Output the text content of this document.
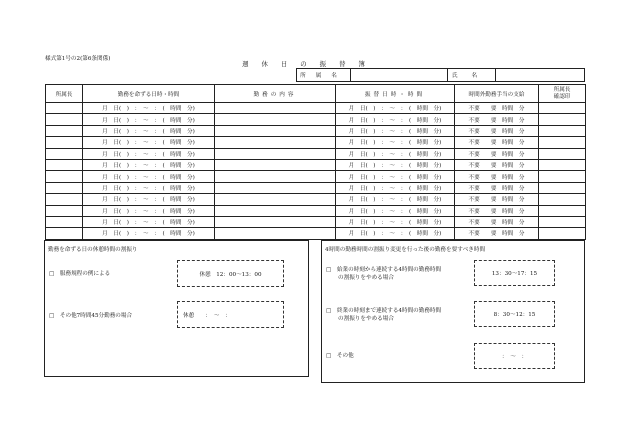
様式第1号の2(第6条関係)
週休日の振替簿
所属名	氏名
所属長	勤務を命ずる日時・時間	勤務の内容	振替日時・時間	時間外勤務手当の支給	所属長
確認印
	月　日(　)　：　～　：　(　時間　分)		月　日(　)　：　～　：　(　時間　分)	不要　　要　時間　分	
	月　日(　)　：　～　：　(　時間　分)		月　日(　)　：　～　：　(　時間　分)	不要　　要　時間　分	
	月　日(　)　：　～　：　(　時間　分)		月　日(　)　：　～　：　(　時間　分)	不要　　要　時間　分	
	月　日(　)　：　～　：　(　時間　分)		月　日(　)　：　～　：　(　時間　分)	不要　　要　時間　分	
	月　日(　)　：　～　：　(　時間　分)		月　日(　)　：　～　：　(　時間　分)	不要　　要　時間　分	
	月　日(　)　：　～　：　(　時間　分)		月　日(　)　：　～　：　(　時間　分)	不要　　要　時間　分	
	月　日(　)　：　～　：　(　時間　分)		月　日(　)　：　～　：　(　時間　分)	不要　　要　時間　分	
	月　日(　)　：　～　：　(　時間　分)		月　日(　)　：　～　：　(　時間　分)	不要　　要　時間　分	
	月　日(　)　：　～　：　(　時間　分)		月　日(　)　：　～　：　(　時間　分)	不要　　要　時間　分	
	月　日(　)　：　～　：　(　時間　分)		月　日(　)　：　～　：　(　時間　分)	不要　　要　時間　分	
	月　日(　)　：　～　：　(　時間　分)		月　日(　)　：　～　：　(　時間　分)	不要　　要　時間　分	
	月　日(　)　：　～　：　(　時間　分)		月　日(　)　：　～　：　(　時間　分)	不要　　要　時間　分	
勤務を命ずる日の休憩時間の割振り
□　服務規程の例による	休憩　12：00～13：00
□　その他7時間45分勤務の場合	休憩　　：　～　：
4時間の勤務時間の割振り変更を行った後の勤務を要すべき時間
□　始業の時刻から連続する4時間の勤務時間
の割振りをやめる場合
13：30～17：15
□　終業の時刻まで連続する4時間の勤務時間
の割振りをやめる場合
8：30～12：15
□　その他	：　～　：
